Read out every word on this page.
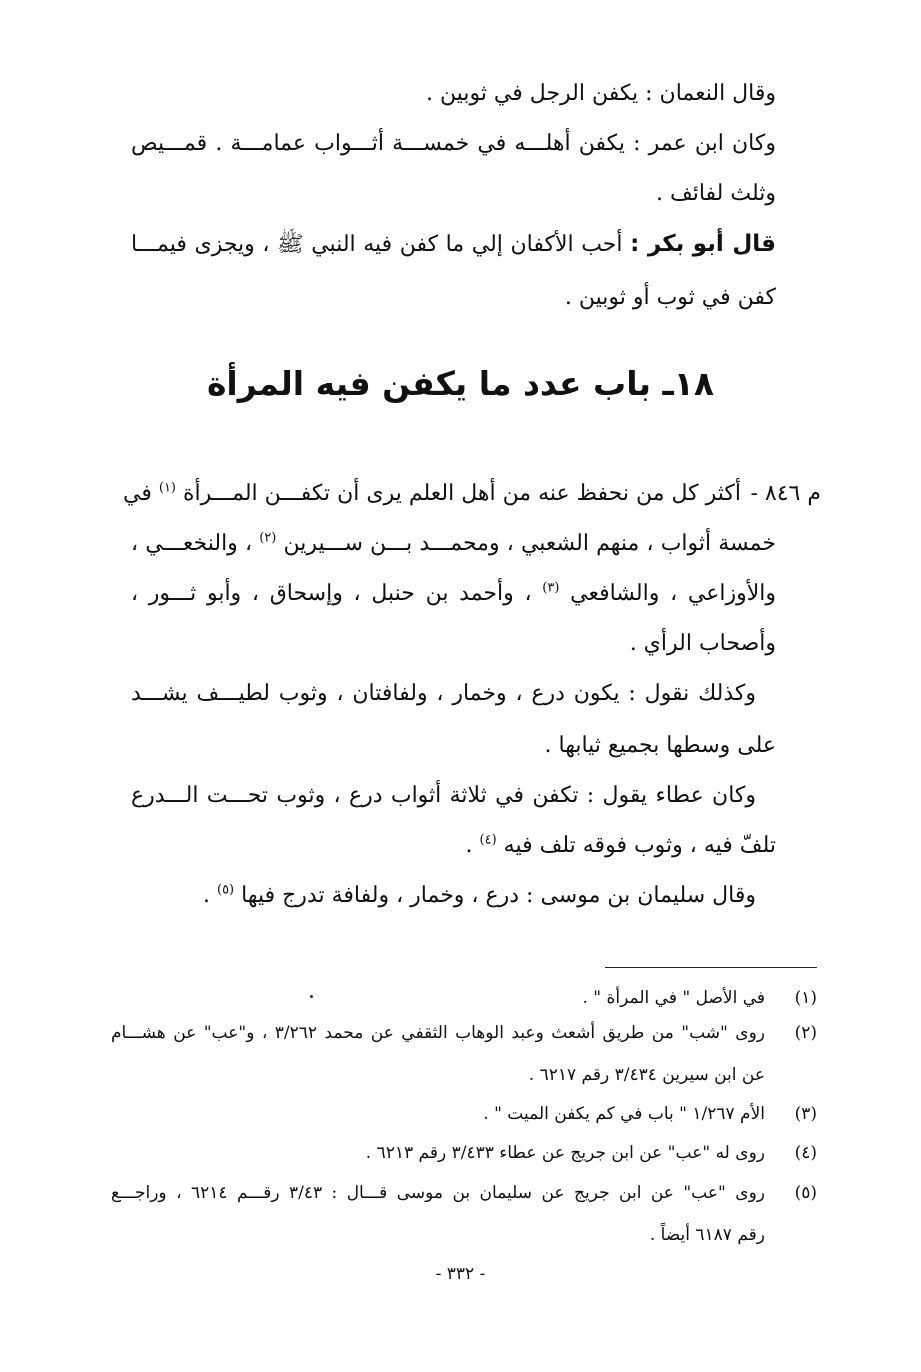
وقال النعمان : يكفن الرجل في ثوبين .
وكان ابن عمر : يكفن أهلـــه في خمســـة أثـــواب عمامـــة . قمـــيص
وثلث لفائف .
قال أبو بكر : أحب الأكفان إلي ما كفن فيه النبي ﷺ ، ويجزى فيمـــا
كفن في ثوب أو ثوبين .
١٨ـ باب عدد ما يكفن فيه المرأة
م ٨٤٦ -
أكثر كل من نحفظ عنه من أهل العلم يرى أن تكفـــن المـــرأة $^{(١)}$ في
خمسة أثواب ، منهم الشعبي ، ومحمـــد بـــن ســـيرين $^{(٢)}$ ، والنخعـــي ،
والأوزاعي ، والشافعي $^{(٣)}$ ، وأحمد بن حنبل ، وإسحاق ، وأبو ثـــور ،
وأصحاب الرأي .
وكذلك نقول : يكون درع ، وخمار ، ولفافتان ، وثوب لطيـــف يشـــد
على وسطها بجميع ثيابها .
وكان عطاء يقول : تكفن في ثلاثة أثواب درع ، وثوب تحـــت الـــدرع
تلفّ فيه ، وثوب فوقه تلف فيه $^{(٤)}$ .
وقال سليمان بن موسى : درع ، وخمار ، ولفافة تدرج فيها $^{(٥)}$ .
(١)
في الأصل " في المرأة " .
(٢)
روى "شب" من طريق أشعث وعبد الوهاب الثقفي عن محمد ٣/٢٦٢ ، و"عب" عن هشـــام
عن ابن سيرين ٣/٤٣٤ رقم ٦٢١٧ .
(٣)
الأم ١/٢٦٧ " باب في كم يكفن الميت " .
(٤)
روى له "عب" عن ابن جريج عن عطاء ٣/٤٣٣ رقم ٦٢١٣ .
(٥)
روى "عب" عن ابن جريج عن سليمان بن موسى قـــال : ٣/٤٣ رقـــم ٦٢١٤ ، وراجـــع
رقم ٦١٨٧ أيضاً .
- ٣٣٢ -
